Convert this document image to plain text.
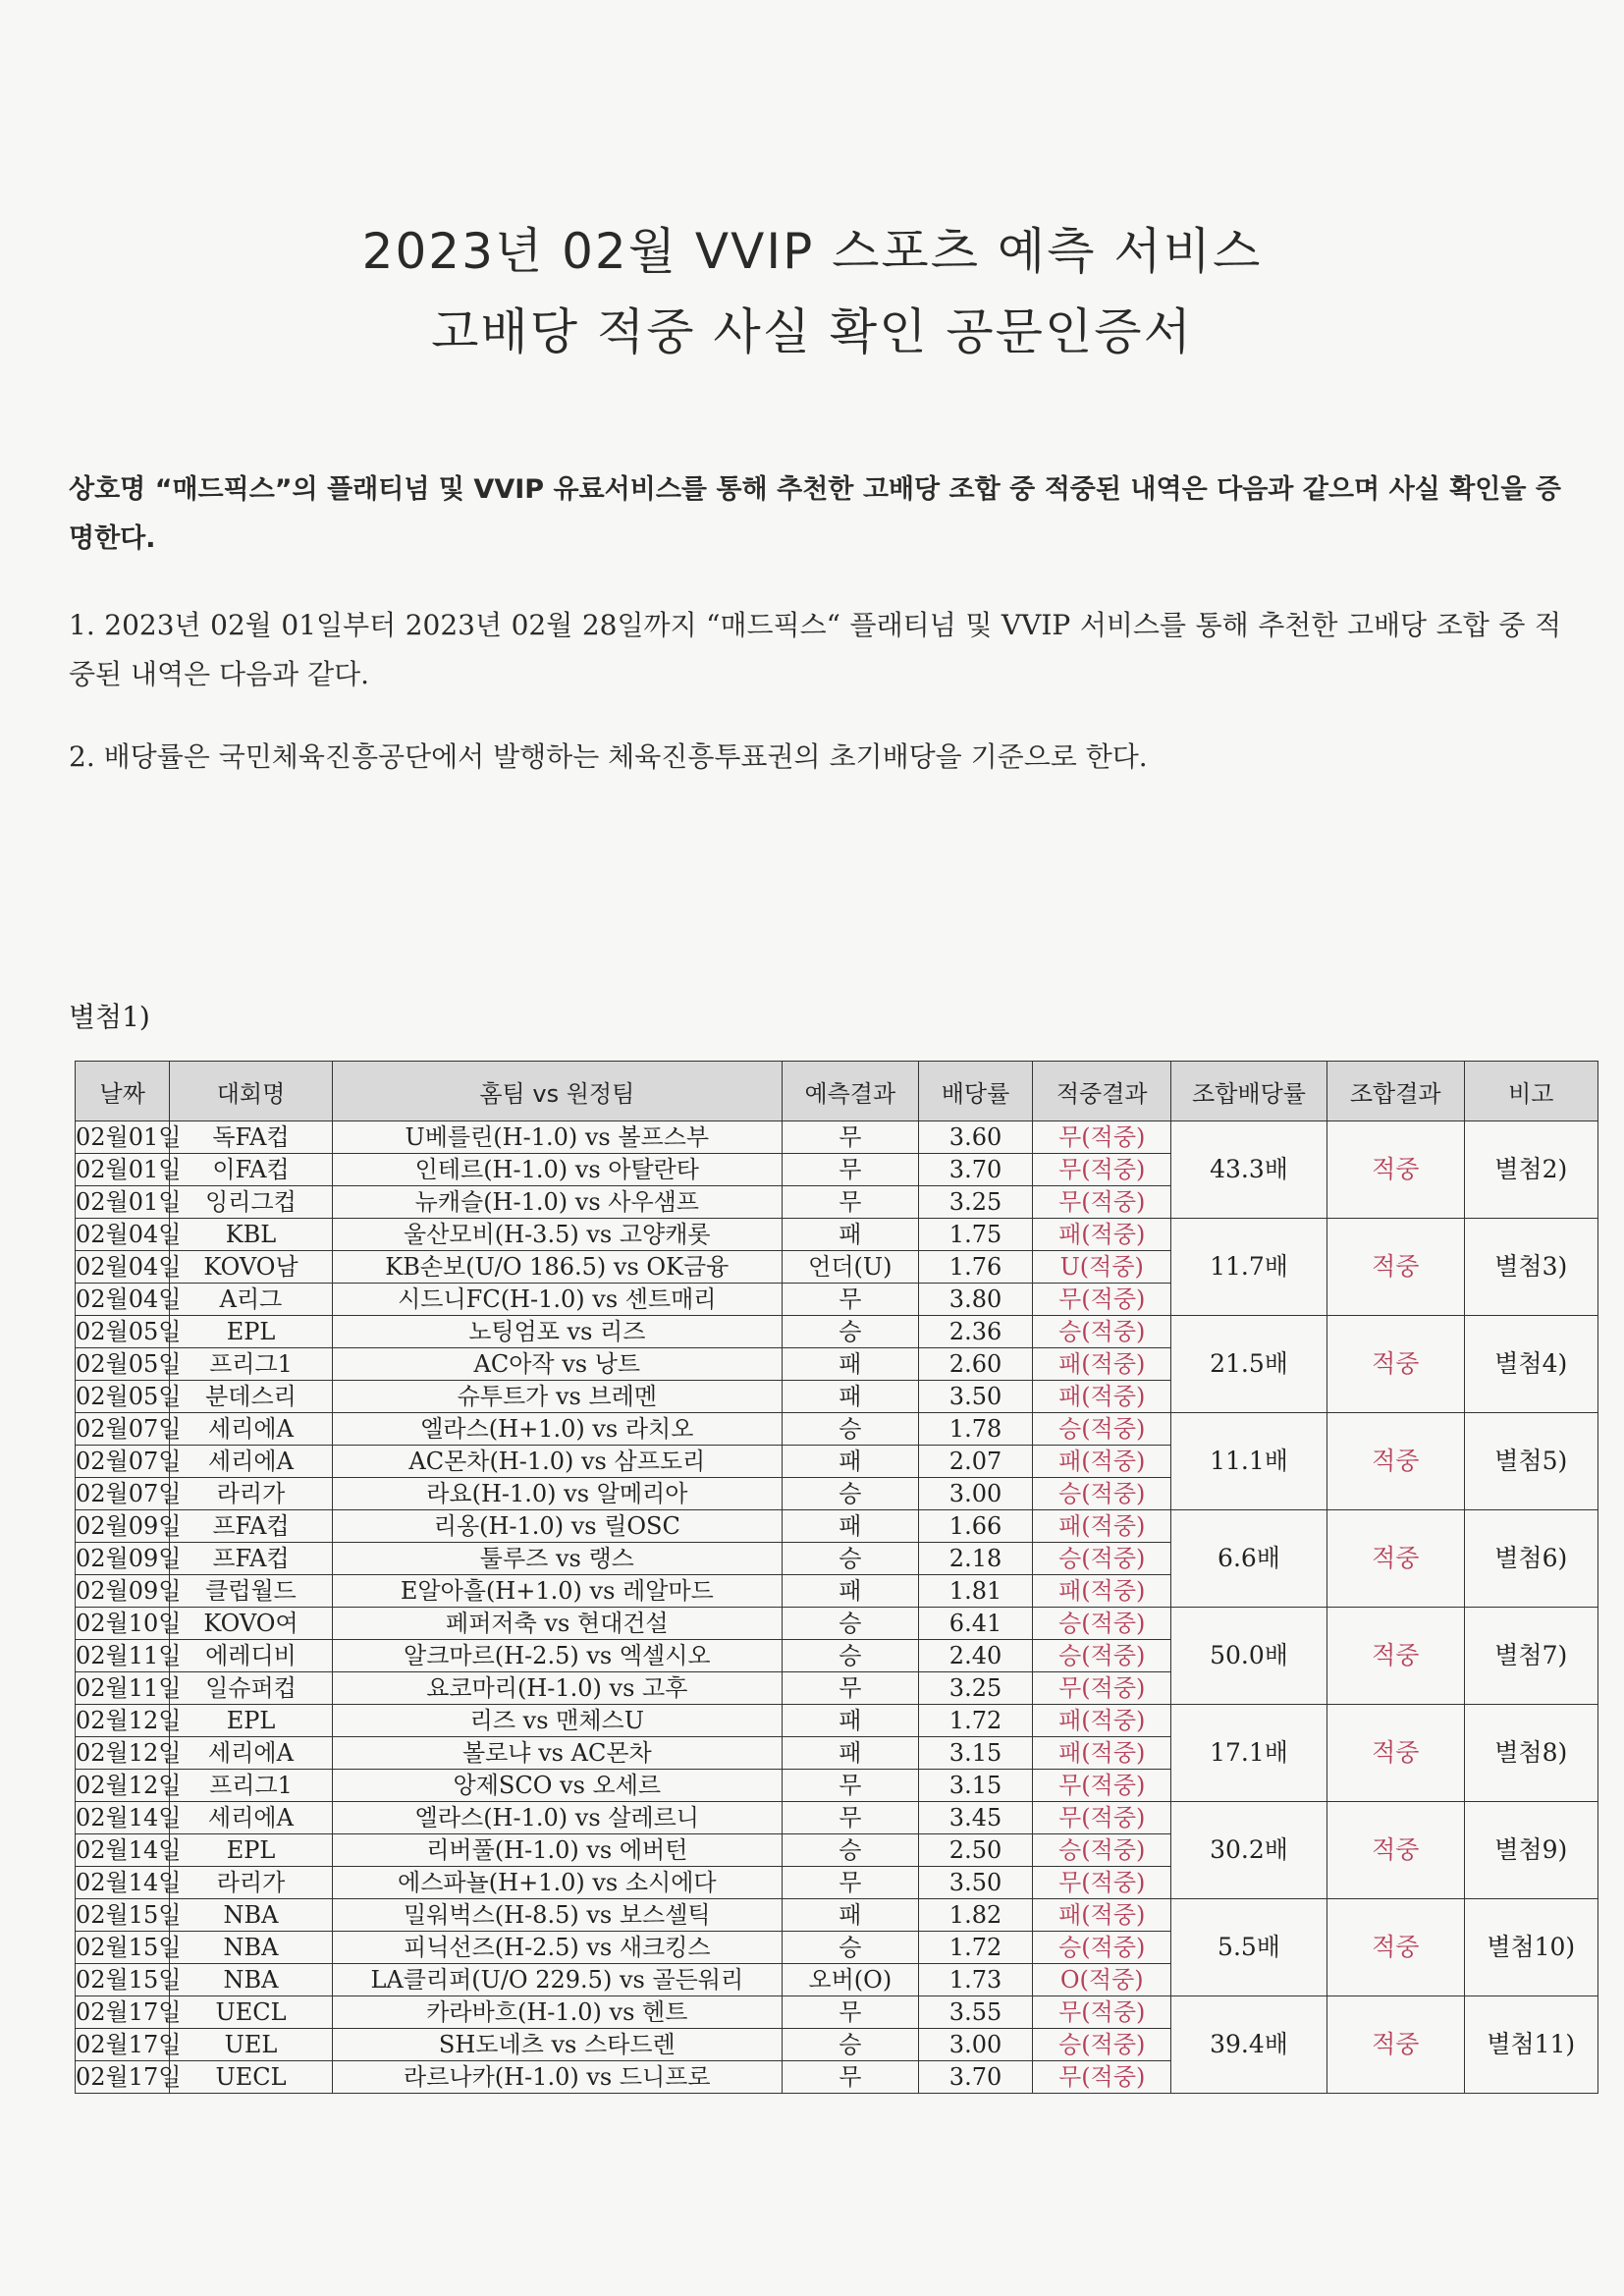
2023년 02월 VVIP 스포츠 예측 서비스
고배당 적중 사실 확인 공문인증서
상호명 “매드픽스”의 플래티넘 및 VVIP 유료서비스를 통해 추천한 고배당 조합 중 적중된 내역은 다음과 같으며 사실 확인을 증명한다.
1. 2023년 02월 01일부터 2023년 02월 28일까지 “매드픽스“ 플래티넘 및 VVIP 서비스를 통해 추천한 고배당 조합 중 적중된 내역은 다음과 같다.
2. 배당률은 국민체육진흥공단에서 발행하는 체육진흥투표권의 초기배당을 기준으로 한다.
별첨1)
날짜	대회명	홈팀 vs 원정팀	예측결과	배당률	적중결과	조합배당률	조합결과	비고
02월01일	독FA컵	U베를린(H-1.0) vs 볼프스부	무	3.60	무(적중)	43.3배	적중	별첨2)
02월01일	이FA컵	인테르(H-1.0) vs 아탈란타	무	3.70	무(적중)			
02월01일	잉리그컵	뉴캐슬(H-1.0) vs 사우샘프	무	3.25	무(적중)			
02월04일	KBL	울산모비(H-3.5) vs 고양캐롯	패	1.75	패(적중)	11.7배	적중	별첨3)
02월04일	KOVO남	KB손보(U/O 186.5) vs OK금융	언더(U)	1.76	U(적중)			
02월04일	A리그	시드니FC(H-1.0) vs 센트매리	무	3.80	무(적중)			
02월05일	EPL	노팅엄포 vs 리즈	승	2.36	승(적중)	21.5배	적중	별첨4)
02월05일	프리그1	AC아작 vs 낭트	패	2.60	패(적중)			
02월05일	분데스리	슈투트가 vs 브레멘	패	3.50	패(적중)			
02월07일	세리에A	엘라스(H+1.0) vs 라치오	승	1.78	승(적중)	11.1배	적중	별첨5)
02월07일	세리에A	AC몬차(H-1.0) vs 삼프도리	패	2.07	패(적중)			
02월07일	라리가	라요(H-1.0) vs 알메리아	승	3.00	승(적중)			
02월09일	프FA컵	리옹(H-1.0) vs 릴OSC	패	1.66	패(적중)	6.6배	적중	별첨6)
02월09일	프FA컵	툴루즈 vs 랭스	승	2.18	승(적중)			
02월09일	클럽월드	E알아흘(H+1.0) vs 레알마드	패	1.81	패(적중)			
02월10일	KOVO여	페퍼저축 vs 현대건설	승	6.41	승(적중)	50.0배	적중	별첨7)
02월11일	에레디비	알크마르(H-2.5) vs 엑셀시오	승	2.40	승(적중)			
02월11일	일슈퍼컵	요코마리(H-1.0) vs 고후	무	3.25	무(적중)			
02월12일	EPL	리즈 vs 맨체스U	패	1.72	패(적중)	17.1배	적중	별첨8)
02월12일	세리에A	볼로냐 vs AC몬차	패	3.15	패(적중)			
02월12일	프리그1	앙제SCO vs 오세르	무	3.15	무(적중)			
02월14일	세리에A	엘라스(H-1.0) vs 살레르니	무	3.45	무(적중)	30.2배	적중	별첨9)
02월14일	EPL	리버풀(H-1.0) vs 에버턴	승	2.50	승(적중)			
02월14일	라리가	에스파뇰(H+1.0) vs 소시에다	무	3.50	무(적중)			
02월15일	NBA	밀워벅스(H-8.5) vs 보스셀틱	패	1.82	패(적중)	5.5배	적중	별첨10)
02월15일	NBA	피닉선즈(H-2.5) vs 새크킹스	승	1.72	승(적중)			
02월15일	NBA	LA클리퍼(U/O 229.5) vs 골든워리	오버(O)	1.73	O(적중)			
02월17일	UECL	카라바흐(H-1.0) vs 헨트	무	3.55	무(적중)	39.4배	적중	별첨11)
02월17일	UEL	SH도네츠 vs 스타드렌	승	3.00	승(적중)			
02월17일	UECL	라르나카(H-1.0) vs 드니프로	무	3.70	무(적중)			
